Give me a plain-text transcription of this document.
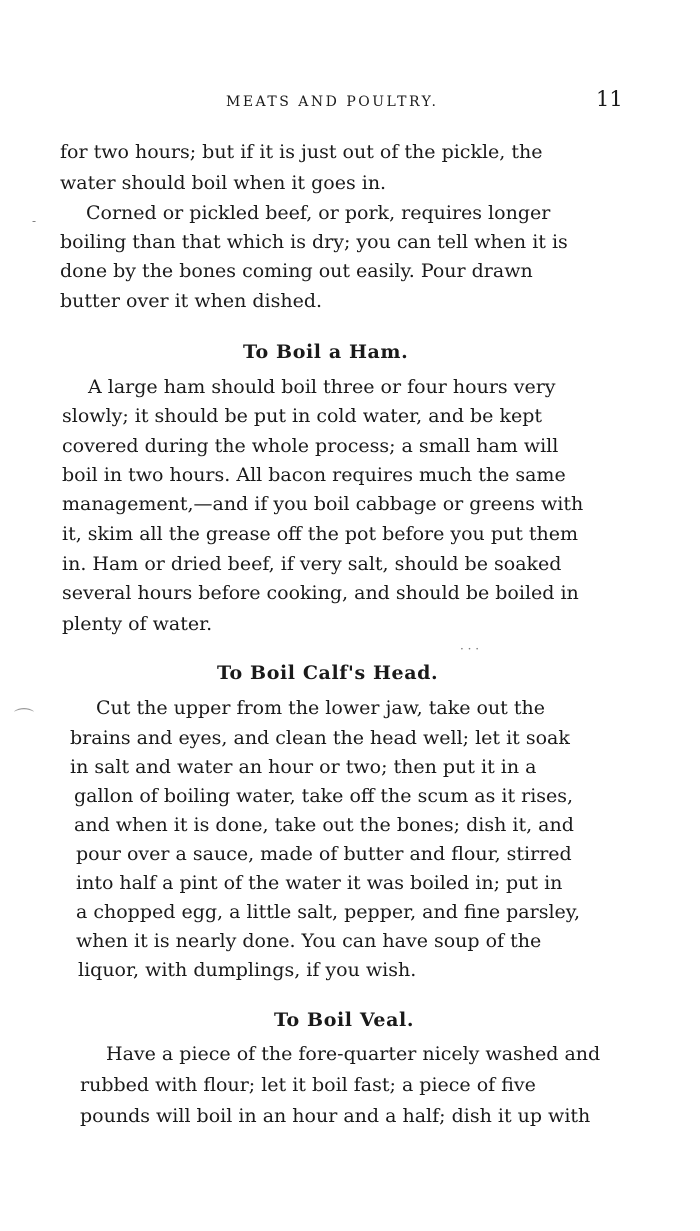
MEATS AND POULTRY.	11
for two hours; but if it is just out of the pickle, the
water should boil when it goes in.
Corned or pickled beef, or pork, requires longer
boiling than that which is dry; you can tell when it is
done by the bones coming out easily. Pour drawn
butter over it when dished.
To Boil a Ham.
A large ham should boil three or four hours very
slowly; it should be put in cold water, and be kept
covered during the whole process; a small ham will
boil in two hours. All bacon requires much the same
management,—and if you boil cabbage or greens with
it, skim all the grease off the pot before you put them
in. Ham or dried beef, if very salt, should be soaked
several hours before cooking, and should be boiled in
plenty of water.
To Boil Calf's Head.
Cut the upper from the lower jaw, take out the
brains and eyes, and clean the head well; let it soak
in salt and water an hour or two; then put it in a
gallon of boiling water, take off the scum as it rises,
and when it is done, take out the bones; dish it, and
pour over a sauce, made of butter and flour, stirred
into half a pint of the water it was boiled in; put in
a chopped egg, a little salt, pepper, and fine parsley,
when it is nearly done. You can have soup of the
liquor, with dumplings, if you wish.
To Boil Veal.
Have a piece of the fore-quarter nicely washed and
rubbed with flour; let it boil fast; a piece of five
pounds will boil in an hour and a half; dish it up with
-
⌒
· · ·
